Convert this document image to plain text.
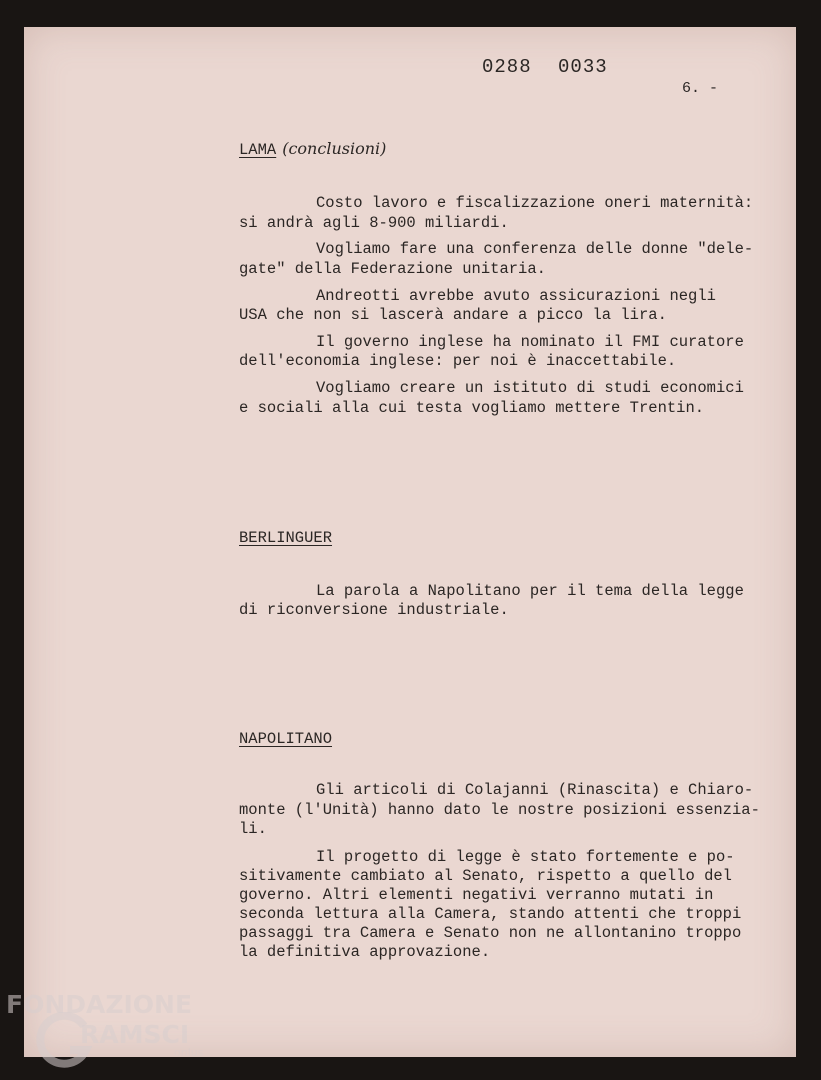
0288 0033
6. -
LAMA (conclusioni)
Costo lavoro e fiscalizzazione oneri maternità:
si andrà agli 8-900 miliardi.
Vogliamo fare una conferenza delle donne "dele-
gate" della Federazione unitaria.
Andreotti avrebbe avuto assicurazioni negli
USA che non si lascerà andare a picco la lira.
Il governo inglese ha nominato il FMI curatore
dell'economia inglese: per noi è inaccettabile.
Vogliamo creare un istituto di studi economici
e sociali alla cui testa vogliamo mettere Trentin.
BERLINGUER
La parola a Napolitano per il tema della legge
di riconversione industriale.
NAPOLITANO
Gli articoli di Colajanni (Rinascita) e Chiaro-
monte (l'Unità) hanno dato le nostre posizioni essenzia-
li.
Il progetto di legge è stato fortemente e po-
sitivamente cambiato al Senato, rispetto a quello del
governo. Altri elementi negativi verranno mutati in
seconda lettura alla Camera, stando attenti che troppi
passaggi tra Camera e Senato non ne allontanino troppo
la definitiva approvazione.
FONDAZIONE
RAMSCI
onlus
